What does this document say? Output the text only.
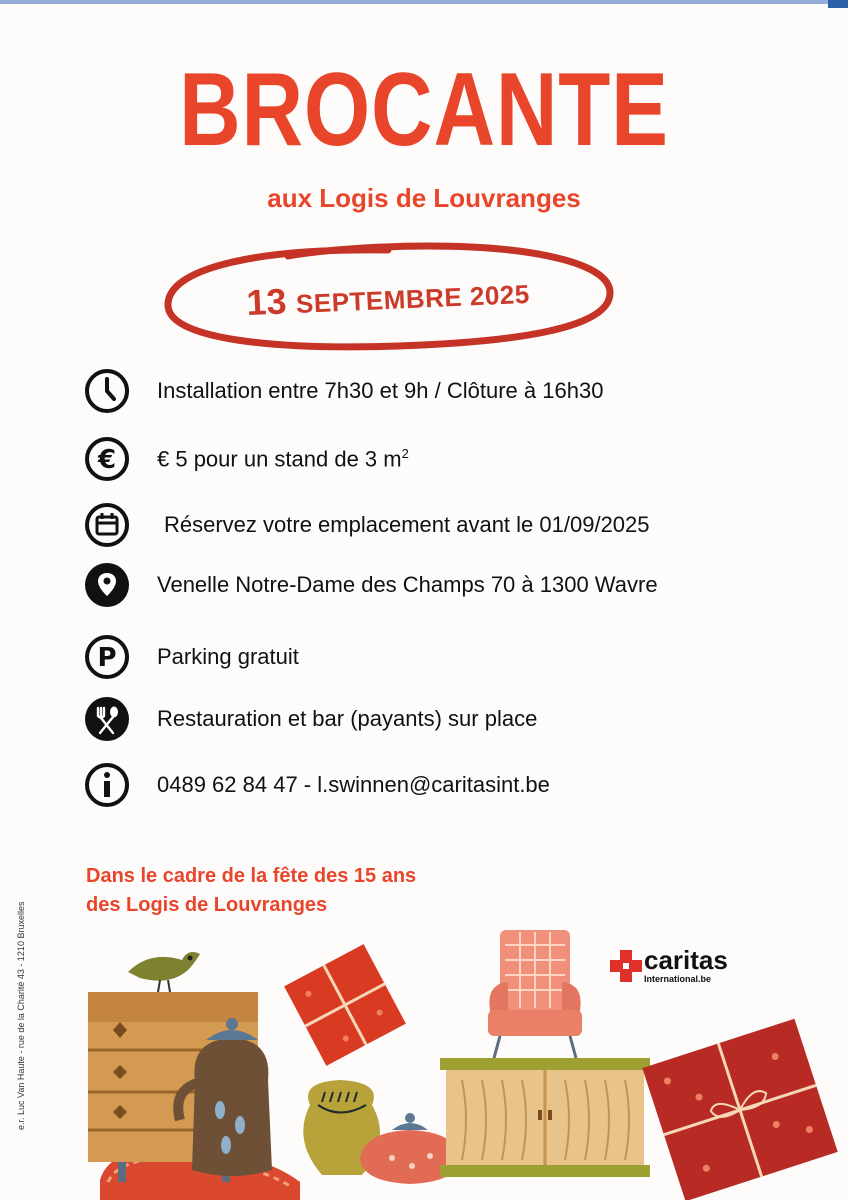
BROCANTE
aux Logis de Louvranges
13 SEPTEMBRE 2025
Installation entre 7h30 et 9h / Clôture à 16h30
€ € 5 pour un stand de 3 $m^2$
Réservez votre emplacement avant le 01/09/2025
Venelle Notre-Dame des Champs 70 à 1300 Wavre
P Parking gratuit
Restauration et bar (payants) sur place
0489 62 84 47 - l.swinnen@caritasint.be
Dans le cadre de la fête des 15 ans
des Logis de Louvranges
e.r. Luc Van Haute - rue de la Charité 43 - 1210 Bruxelles	caritas
International.be
